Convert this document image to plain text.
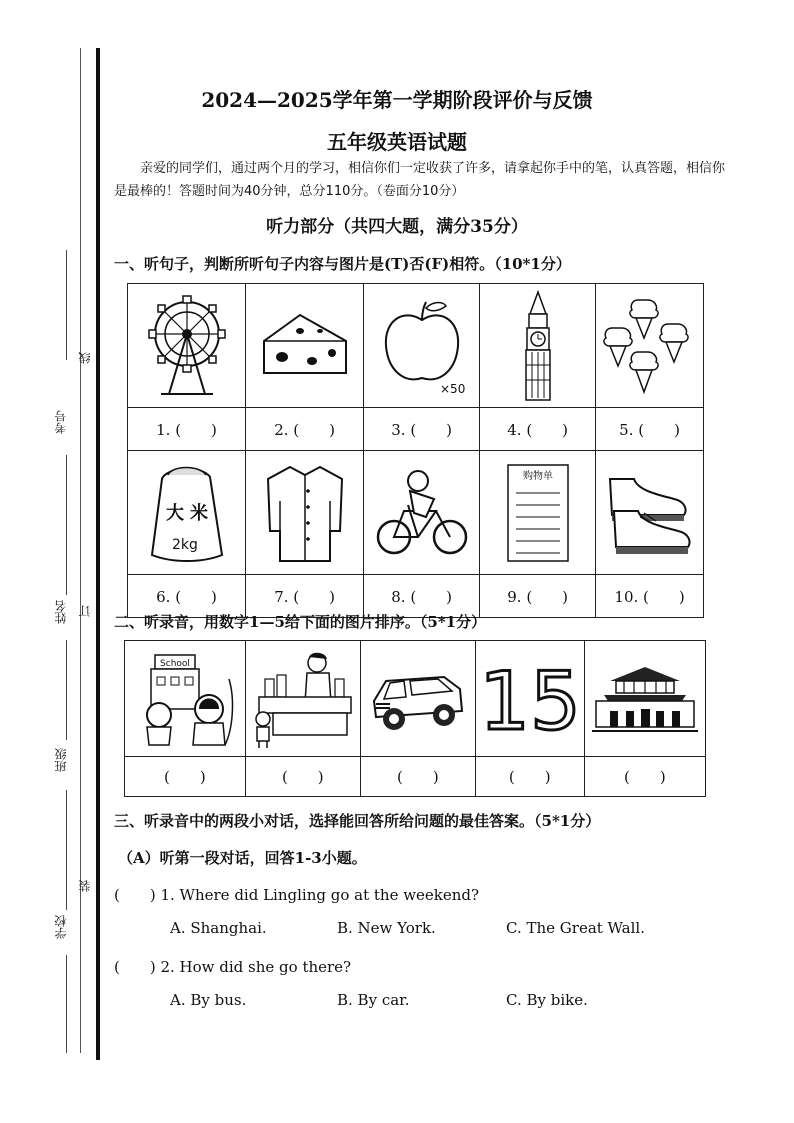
线
考号
姓名 订
班级
装
学校
2024—2025学年第一学期阶段评价与反馈
五年级英语试题
亲爱的同学们，通过两个月的学习，相信你们一定收获了许多，请拿起你手中的笔，认真答题，相信你是最棒的！答题时间为40分钟，总分110分。（卷面分10分）
听力部分（共四大题，满分35分）
一、听句子，判断所听句子内容与图片是(T)否(F)相符。（10*1分）

×50

1. (　　)	2. (　　)	3. (　　)	4. (　　)	5. (　　)

大 米
2kg			购物单

6. (　　)	7. (　　)	8. (　　)	9. (　　)	10. (　　)
二、听录音，用数字1—5给下面的图片排序。（5*1分）
School			15

(　　)	(　　)	(　　)	(　　)	(　　)
三、听录音中的两段小对话，选择能回答所给问题的最佳答案。（5*1分）
（A）听第一段对话，回答1-3小题。
(　　) 1. Where did Lingling go at the weekend?
A. Shanghai.	B. New York.	C. The Great Wall.
(　　) 2. How did she go there?
A. By bus.	B. By car.	C. By bike.
